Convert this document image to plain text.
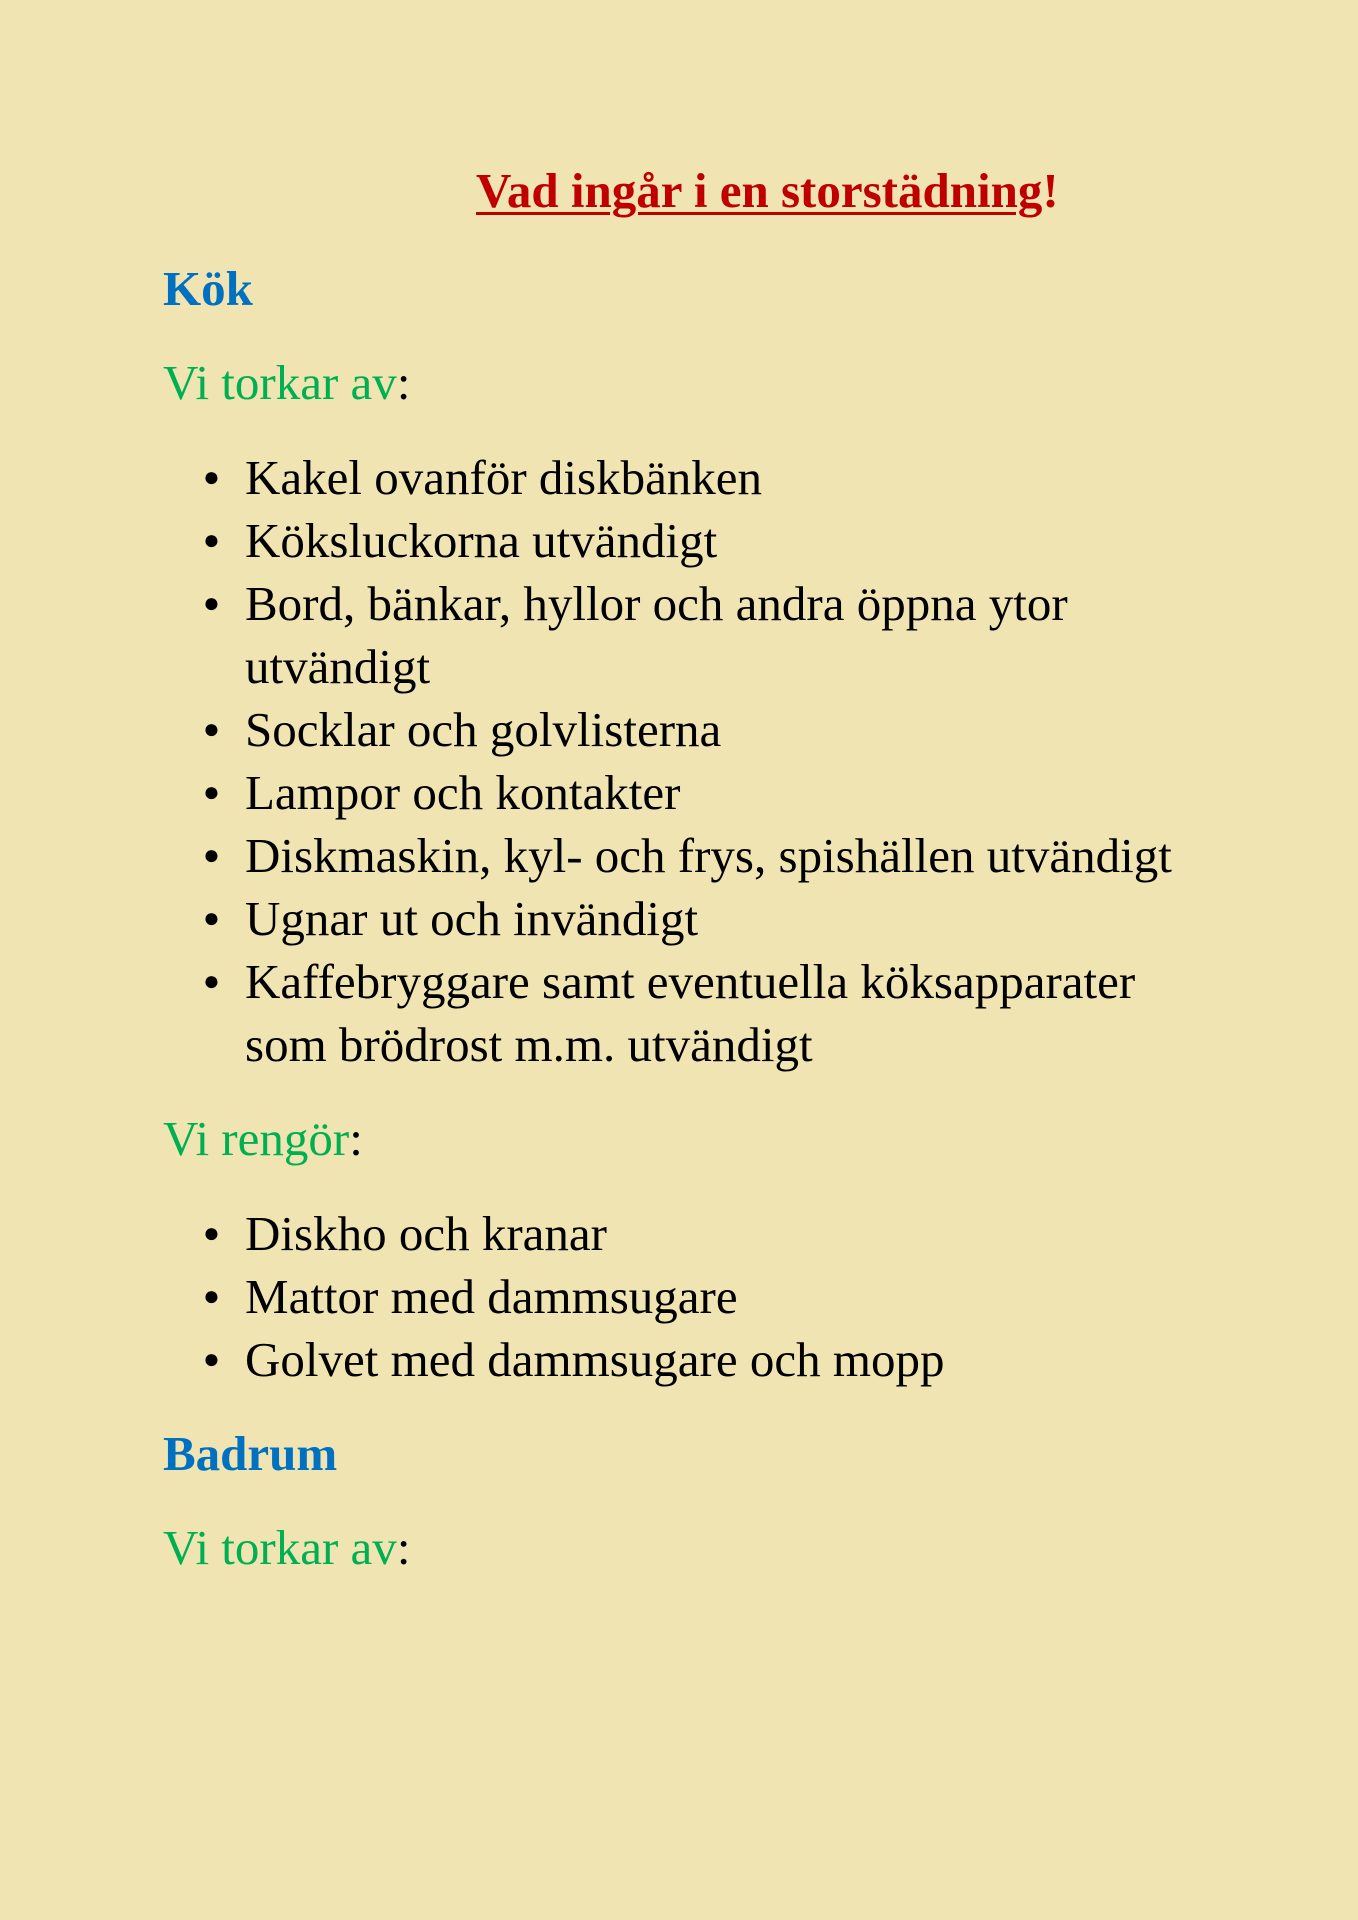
Vad ingår i en storstädning!
Kök

Vi torkar av:

● Kakel ovanför diskbänken
● Köksluckorna utvändigt
● Bord, bänkar, hyllor och andra öppna ytor utvändigt
● Socklar och golvlisterna
● Lampor och kontakter
● Diskmaskin, kyl- och frys, spishällen utvändigt
● Ugnar ut och invändigt
● Kaffebryggare samt eventuella köksapparater som brödrost m.m. utvändigt

Vi rengör:

● Diskho och kranar
● Mattor med dammsugare
● Golvet med dammsugare och mopp
Badrum

Vi torkar av:
